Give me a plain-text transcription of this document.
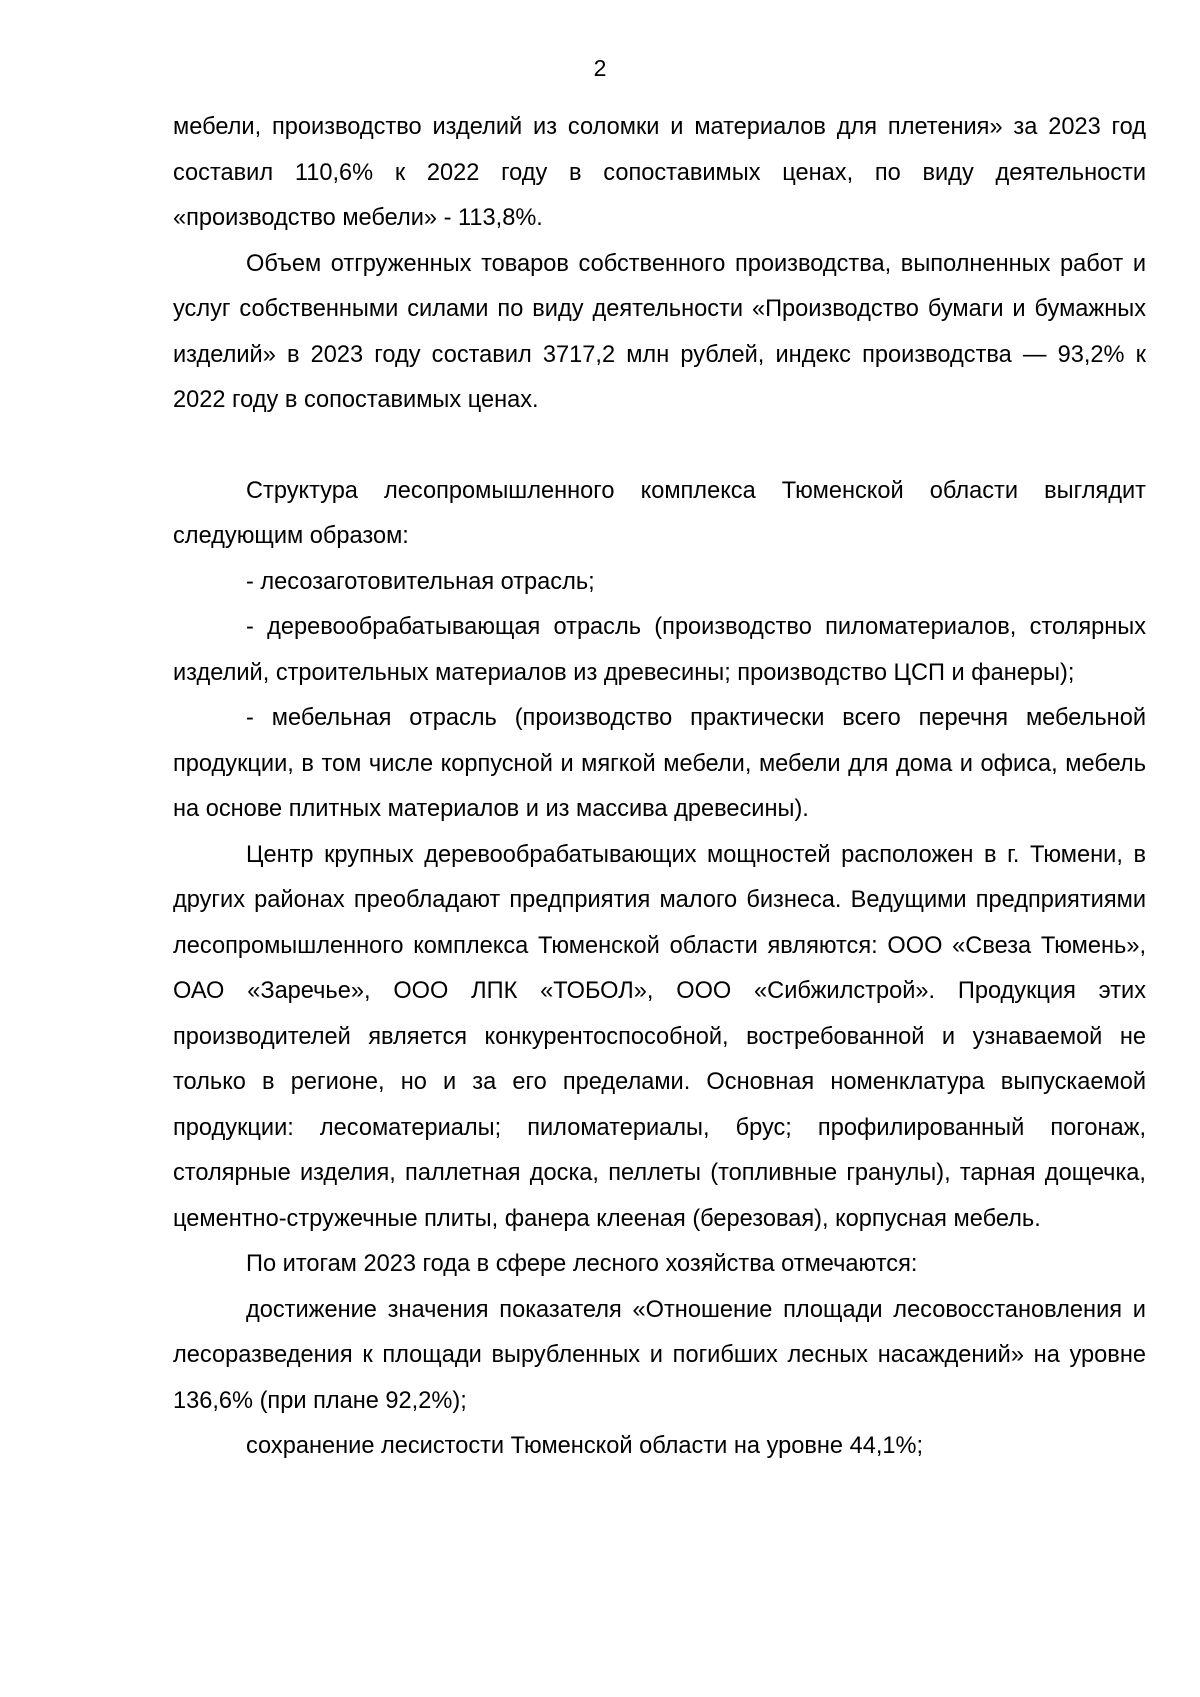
2

мебели, производство изделий из соломки и материалов для плетения» за 2023 год составил 110,6% к 2022 году в сопоставимых ценах, по виду деятельности «производство мебели» - 113,8%.

Объем отгруженных товаров собственного производства, выполненных работ и услуг собственными силами по виду деятельности «Производство бумаги и бумажных изделий» в 2023 году составил 3717,2 млн рублей, индекс производства — 93,2% к 2022 году в сопоставимых ценах.

Структура лесопромышленного комплекса Тюменской области выглядит следующим образом:

- лесозаготовительная отрасль;

- деревообрабатывающая отрасль (производство пиломатериалов, столярных изделий, строительных материалов из древесины; производство ЦСП и фанеры);

- мебельная отрасль (производство практически всего перечня мебельной продукции, в том числе корпусной и мягкой мебели, мебели для дома и офиса, мебель на основе плитных материалов и из массива древесины).

Центр крупных деревообрабатывающих мощностей расположен в г. Тюмени, в других районах преобладают предприятия малого бизнеса. Ведущими предприятиями лесопромышленного комплекса Тюменской области являются: ООО «Свеза Тюмень», ОАО «Заречье», ООО ЛПК «ТОБОЛ», ООО «Сибжилстрой». Продукция этих производителей является конкурентоспособной, востребованной и узнаваемой не только в регионе, но и за его пределами. Основная номенклатура выпускаемой продукции: лесоматериалы; пиломатериалы, брус; профилированный погонаж, столярные изделия, паллетная доска, пеллеты (топливные гранулы), тарная дощечка, цементно-стружечные плиты, фанера клееная (березовая), корпусная мебель.

По итогам 2023 года в сфере лесного хозяйства отмечаются:

достижение значения показателя «Отношение площади лесовосстановления и лесоразведения к площади вырубленных и погибших лесных насаждений» на уровне 136,6% (при плане 92,2%);

сохранение лесистости Тюменской области на уровне 44,1%;
